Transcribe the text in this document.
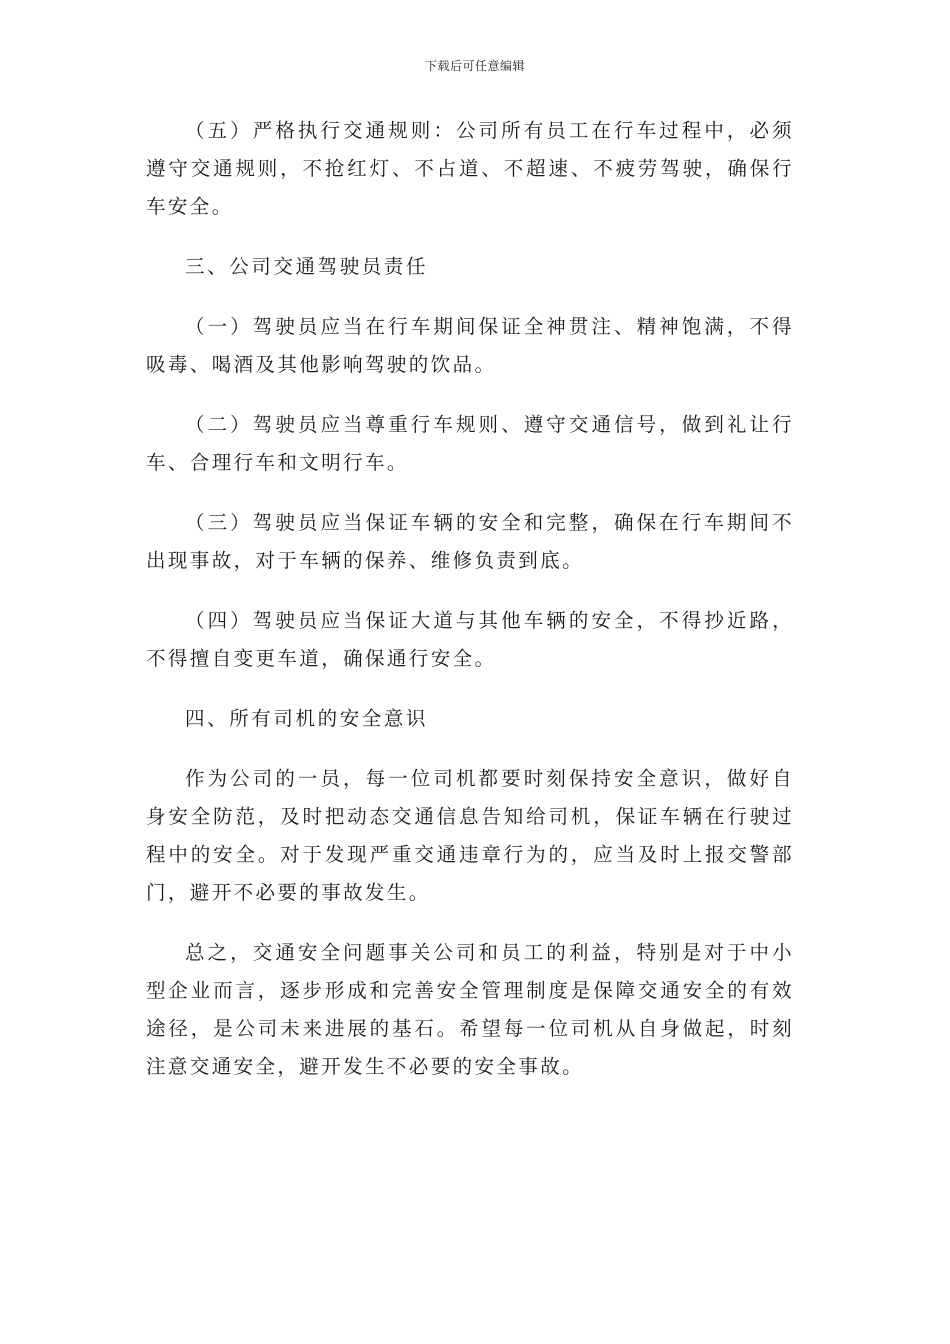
下载后可任意编辑

（五）严格执行交通规则：公司所有员工在行车过程中，必须遵守交通规则，不抢红灯、不占道、不超速、不疲劳驾驶，确保行车安全。

三、公司交通驾驶员责任

（一）驾驶员应当在行车期间保证全神贯注、精神饱满，不得吸毒、喝酒及其他影响驾驶的饮品。

（二）驾驶员应当尊重行车规则、遵守交通信号，做到礼让行车、合理行车和文明行车。

（三）驾驶员应当保证车辆的安全和完整，确保在行车期间不出现事故，对于车辆的保养、维修负责到底。

（四）驾驶员应当保证大道与其他车辆的安全，不得抄近路，不得擅自变更车道，确保通行安全。

四、所有司机的安全意识

作为公司的一员，每一位司机都要时刻保持安全意识，做好自身安全防范，及时把动态交通信息告知给司机，保证车辆在行驶过程中的安全。对于发现严重交通违章行为的，应当及时上报交警部门，避开不必要的事故发生。

总之，交通安全问题事关公司和员工的利益，特别是对于中小型企业而言，逐步形成和完善安全管理制度是保障交通安全的有效途径，是公司未来进展的基石。希望每一位司机从自身做起，时刻注意交通安全，避开发生不必要的安全事故。
